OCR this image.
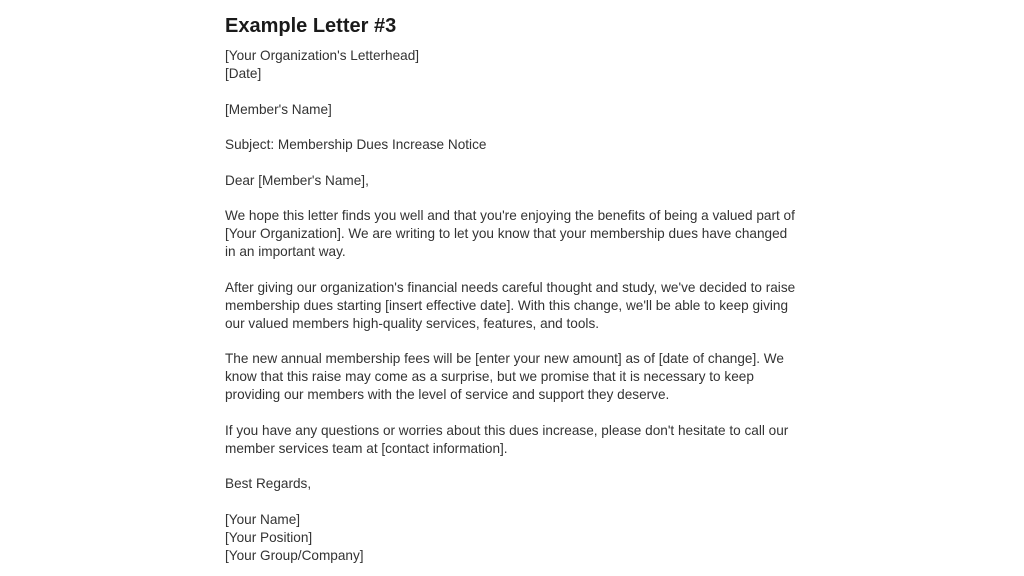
Example Letter #3

[Your Organization's Letterhead]

[Date]

[Member's Name]

Subject: Membership Dues Increase Notice

Dear [Member's Name],

We hope this letter finds you well and that you're enjoying the benefits of being a valued part of [Your Organization]. We are writing to let you know that your membership dues have changed in an important way.

After giving our organization's financial needs careful thought and study, we've decided to raise membership dues starting [insert effective date]. With this change, we'll be able to keep giving our valued members high-quality services, features, and tools.

The new annual membership fees will be [enter your new amount] as of [date of change]. We know that this raise may come as a surprise, but we promise that it is necessary to keep providing our members with the level of service and support they deserve.

If you have any questions or worries about this dues increase, please don't hesitate to call our member services team at [contact information].

Best Regards,

[Your Name]

[Your Position]

[Your Group/Company]
